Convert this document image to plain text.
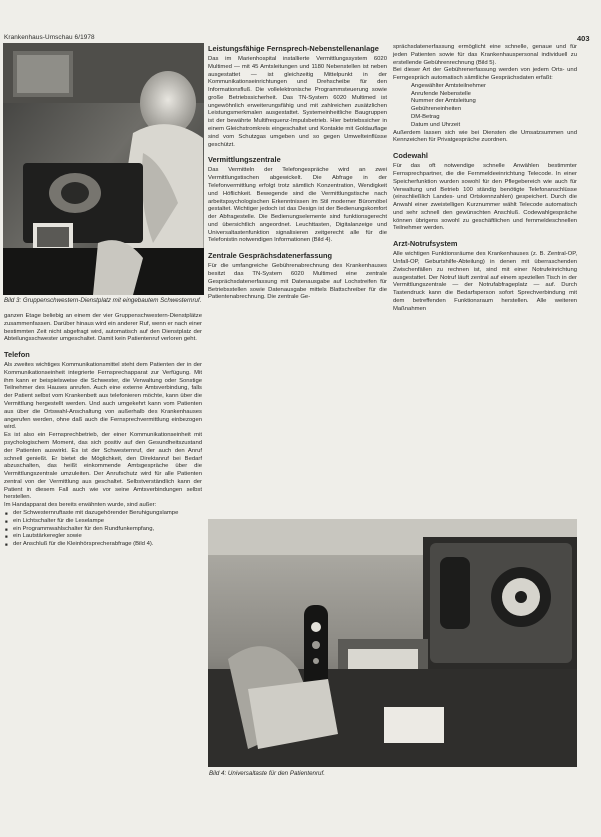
Krankenhaus-Umschau 6/1978	403
Bild 3: Gruppenschwestern-Dienstplatz mit eingebautem Schwesternruf.

ganzen Etage beliebig an einem der vier Gruppenschwestern-Dienstplätze zusammenfassen. Darüber hinaus wird ein anderer Ruf, wenn er nach einer bestimmten Zeit nicht abgefragt wird, automatisch auf den Dienstplatz der Abteilungsschwester umgeschaltet. Damit kein Patientenruf verloren geht.

Telefon

Als zweites wichtiges Kommunikationsmittel steht dem Patienten der in der Kommunikationseinheit integrierte Fernsprechapparat zur Verfügung. Mit ihm kann er beispielsweise die Schwester, die Verwaltung oder Sonstige Teilnehmer des Hauses anrufen. Auch eine externe Amtsverbindung, falls der Patient selbst vom Krankenbett aus telefonieren möchte, kann über die Vermittlung hergestellt werden. Und auch umgekehrt kann vom Patienten aus über die Ortswahl-Anschaltung von außerhalb des Krankenhauses angerufen werden, ohne daß auch die Fernsprechvermittlung einbezogen wird.

Es ist also ein Fernsprechbetrieb, der einer Kommunikationseinheit mit psychologischem Moment, das sich positiv auf den Gesundheitszustand der Patienten auswirkt. Es ist der Schwesternruf, der auch den Anruf schnell genießt. Er bietet die Möglichkeit, den Direktanruf bei Bedarf abzuschalten, das heißt einkommende Amtsgespräche über die Vermittlungszentrale umzuleiten. Der Anrufschutz wird für alle Patienten zentral von der Vermittlung aus geschaltet. Selbstverständlich kann der Patient in diesem Fall auch wie vor seine Amtsverbindungen selbst herstellen.

Im Handapparat des bereits erwähnten wurde, sind außer:

■ der Schwesternruftaste mit dazugehörender Beruhigungslampe
■ ein Lichtschalter für die Leselampe
■ ein Programmwahlschalter für den Rundfunkempfang,
■ ein Lautstärkeregler sowie
■ der Anschluß für die Kleinhörsprecherabfrage (Bild 4).
Leistungsfähige Fernsprech-Nebenstellenanlage

Das im Marienhospital installierte Vermittlungssystem 6020 Multimed — mit 45 Amtsleitungen und 1180 Nebenstellen ist neben ausgestattet — ist gleichzeitig Mittelpunkt in der Kommunikationseinrichtungen und Drehscheibe für den Informationsfluß. Die vollelektronische Programmsteuerung sowie große Betriebssicherheit. Das TN-System 6020 Multimed ist ungewöhnlich erweiterungsfähig und mit zahlreichen zusätzlichen Leistungsmerkmalen ausgestattet. Systemeinheitliche Baugruppen ist der bewährte Multifrequenz-Impulsbetrieb. Hier betriebssicher in einem Gleichstromkreis eingeschaltet und Kontakte mit Goldauflage sind vom Schutzgas umgeben und so gegen Umwelteinflüsse geschützt.

Vermittlungszentrale

Das Vermitteln der Telefongespräche wird an zwei Vermittlungstischen abgewickelt. Die Abfrage in der Telefonvermittlung erfolgt trotz sämtlich Konzentration, Wendigkeit und Höflichkeit. Bewegende sind die Vermittlungstische nach arbeitspsychologischen Erkenntnissen im Stil moderner Büromöbel gestaltet. Wichtiger jedoch ist das Design ist der Bedienungskomfort der Abfragestelle. Die Bedienungselemente sind funktionsgerecht und übersichtlich angeordnet. Leuchttasten, Digitalanzeige und Universaltastenfunktion signalisieren zeitgerecht alle für die Telefonistin notwendigen Informationen (Bild 4).

Zentrale Gesprächsdatenerfassung

Für die umfangreiche Gebührenabrechnung des Krankenhauses besitzt das TN-System 6020 Multimed eine zentrale Gesprächsdatenerfassung mit Datenausgabe auf Lochstreifen für Betriebsstellen sowie Datenausgabe mittels Blattschreiber für die Patientenabrechnung. Die zentrale Ge-

sprächsdatenerfassung ermöglicht eine schnelle, genaue und für jeden Patienten sowie für das Krankenhauspersonal individuell zu erstellende Gebührenrechnung (Bild 5).

Bei dieser Art der Gebührenerfassung werden von jedem Orts- und Ferngespräch automatisch sämtliche Gesprächsdaten erfaßt:

Angewählter Amtsteilnehmer
Anrufende Nebenstelle
Nummer der Amtsleitung
Gebühreneinheiten
DM-Betrag
Datum und Uhrzeit

Außerdem lassen sich wie bei Diensten die Umsatzsummen und Kennzeichen für Privatgespräche zuordnen.

Codewahl

Für das oft notwendige schnelle Anwählen bestimmter Fernsprechpartner, die die Fernmeldeeinrichtung Telecode. In einer Speicherfunktion wurden sowohl für den Pflegebereich wie auch für Verwaltung und Betrieb 100 ständig benötigte Telefonanschlüsse (einschließlich Landes- und Ortskennzahlen) gespeichert. Durch die Anwahl einer zweistelligen Kurznummer wählt Telecode automatisch und sehr schnell den gewünschten Anschluß. Codewahlgespräche können übrigens sowohl zu geschäftlichen und fernmeldeschnellen Teilnehmer werden.

Arzt-Notrufsystem

Alle wichtigen Funktionsräume des Krankenhauses (z. B. Zentral-OP, Unfall-OP, Geburtshilfe-Abteilung) in denen mit überraschenden Zwischenfällen zu rechnen ist, sind mit einer Notrufeinrichtung ausgestattet. Der Notruf läuft zentral auf einem speziellen Tisch in der Vermittlungszentrale — der Notrufabfrageplatz — auf. Durch Tastendruck kann die Bedarfsperson sofort Sprechverbindung mit dem betreffenden Funktionsraum herstellen. Alle weiteren Maßnahmen

Bild 4: Universaltaste für den Patientenruf.
